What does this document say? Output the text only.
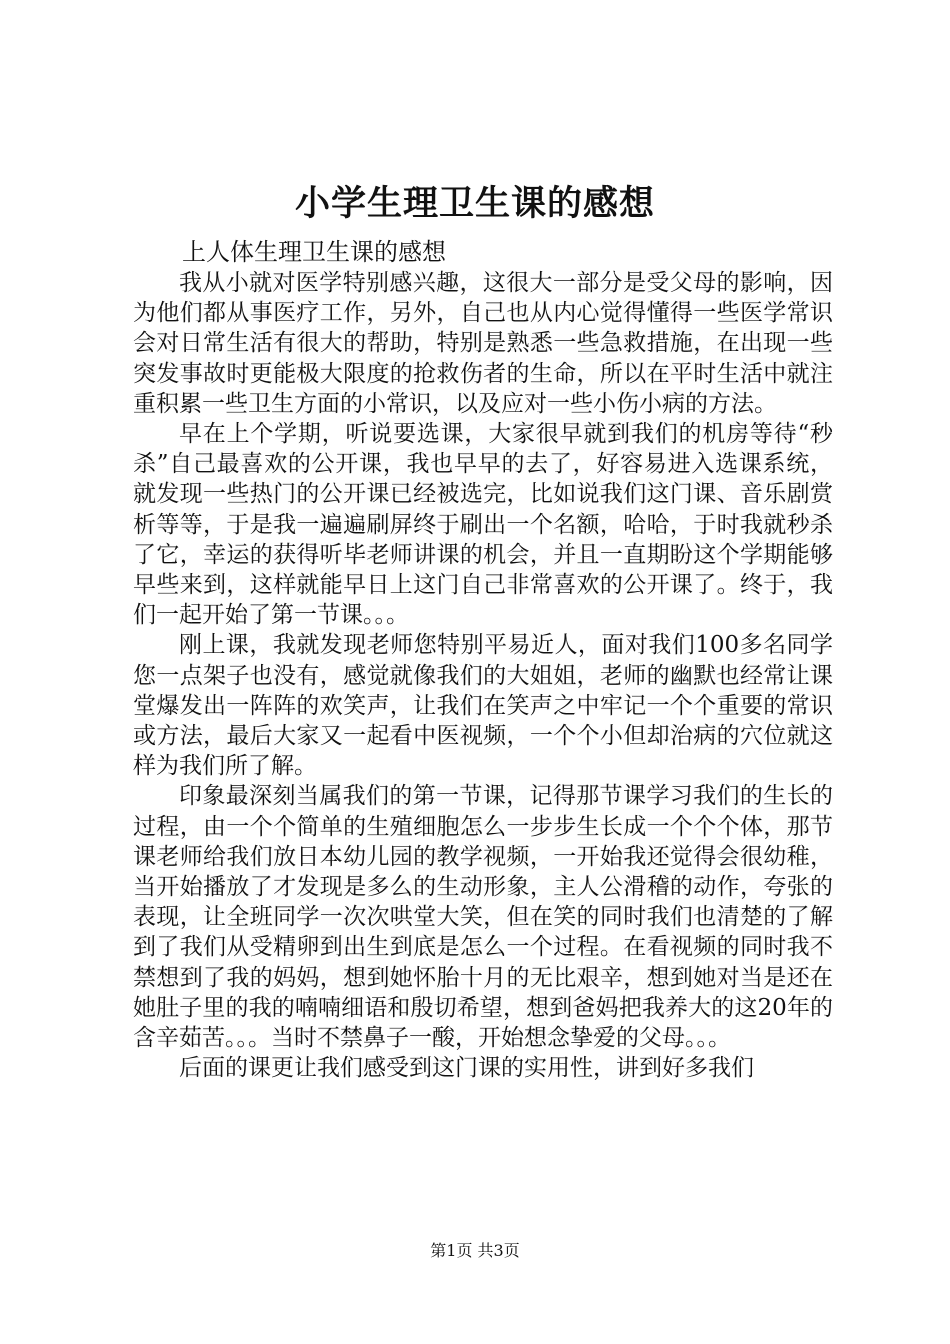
小学生理卫生课的感想

上人体生理卫生课的感想

我从小就对医学特别感兴趣，这很大一部分是受父母的影响，因为他们都从事医疗工作，另外，自己也从内心觉得懂得一些医学常识会对日常生活有很大的帮助，特别是熟悉一些急救措施，在出现一些突发事故时更能极大限度的抢救伤者的生命，所以在平时生活中就注重积累一些卫生方面的小常识，以及应对一些小伤小病的方法。

早在上个学期，听说要选课，大家很早就到我们的机房等待“秒杀”自己最喜欢的公开课，我也早早的去了，好容易进入选课系统，就发现一些热门的公开课已经被选完，比如说我们这门课、音乐剧赏析等等，于是我一遍遍刷屏终于刷出一个名额，哈哈，于时我就秒杀了它，幸运的获得听毕老师讲课的机会，并且一直期盼这个学期能够早些来到，这样就能早日上这门自己非常喜欢的公开课了。终于，我们一起开始了第一节课。。。

刚上课，我就发现老师您特别平易近人，面对我们100多名同学您一点架子也没有，感觉就像我们的大姐姐，老师的幽默也经常让课堂爆发出一阵阵的欢笑声，让我们在笑声之中牢记一个个重要的常识或方法，最后大家又一起看中医视频，一个个小但却治病的穴位就这样为我们所了解。

印象最深刻当属我们的第一节课，记得那节课学习我们的生长的过程，由一个个简单的生殖细胞怎么一步步生长成一个个个体，那节课老师给我们放日本幼儿园的教学视频，一开始我还觉得会很幼稚，当开始播放了才发现是多么的生动形象，主人公滑稽的动作，夸张的表现，让全班同学一次次哄堂大笑，但在笑的同时我们也清楚的了解到了我们从受精卵到出生到底是怎么一个过程。在看视频的同时我不禁想到了我的妈妈，想到她怀胎十月的无比艰辛，想到她对当是还在她肚子里的我的喃喃细语和殷切希望，想到爸妈把我养大的这20年的含辛茹苦。。。当时不禁鼻子一酸，开始想念挚爱的父母。。。

后面的课更让我们感受到这门课的实用性，讲到好多我们

第1页 共3页
